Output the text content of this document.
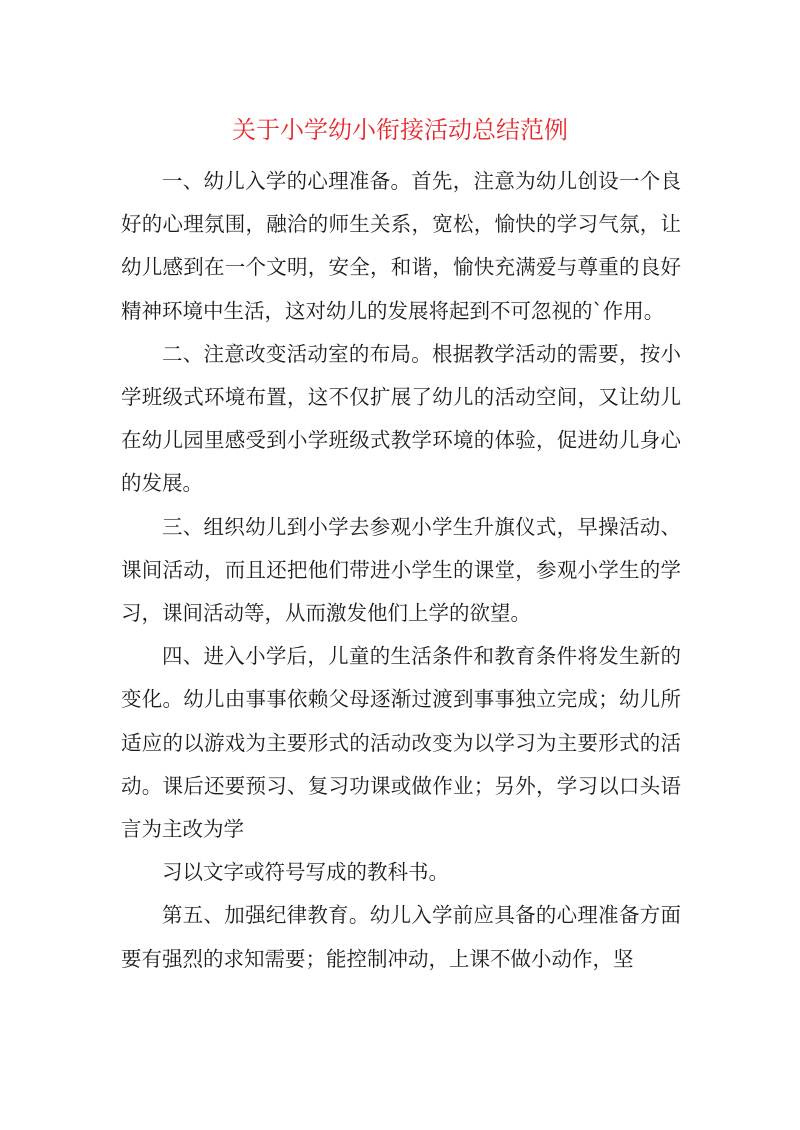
关于小学幼小衔接活动总结范例

一、幼儿入学的心理准备。首先，注意为幼儿创设一个良好的心理氛围，融洽的师生关系，宽松，愉快的学习气氛，让幼儿感到在一个文明，安全，和谐，愉快充满爱与尊重的良好精神环境中生活，这对幼儿的发展将起到不可忽视的`作用。

二、注意改变活动室的布局。根据教学活动的需要，按小学班级式环境布置，这不仅扩展了幼儿的活动空间，又让幼儿在幼儿园里感受到小学班级式教学环境的体验，促进幼儿身心的发展。

三、组织幼儿到小学去参观小学生升旗仪式，早操活动、课间活动，而且还把他们带进小学生的课堂，参观小学生的学习，课间活动等，从而激发他们上学的欲望。

四、进入小学后，儿童的生活条件和教育条件将发生新的变化。幼儿由事事依赖父母逐渐过渡到事事独立完成；幼儿所适应的以游戏为主要形式的活动改变为以学习为主要形式的活动。课后还要预习、复习功课或做作业；另外，学习以口头语言为主改为学

习以文字或符号写成的教科书。

第五、加强纪律教育。幼儿入学前应具备的心理准备方面要有强烈的求知需要；能控制冲动，上课不做小动作，坚
